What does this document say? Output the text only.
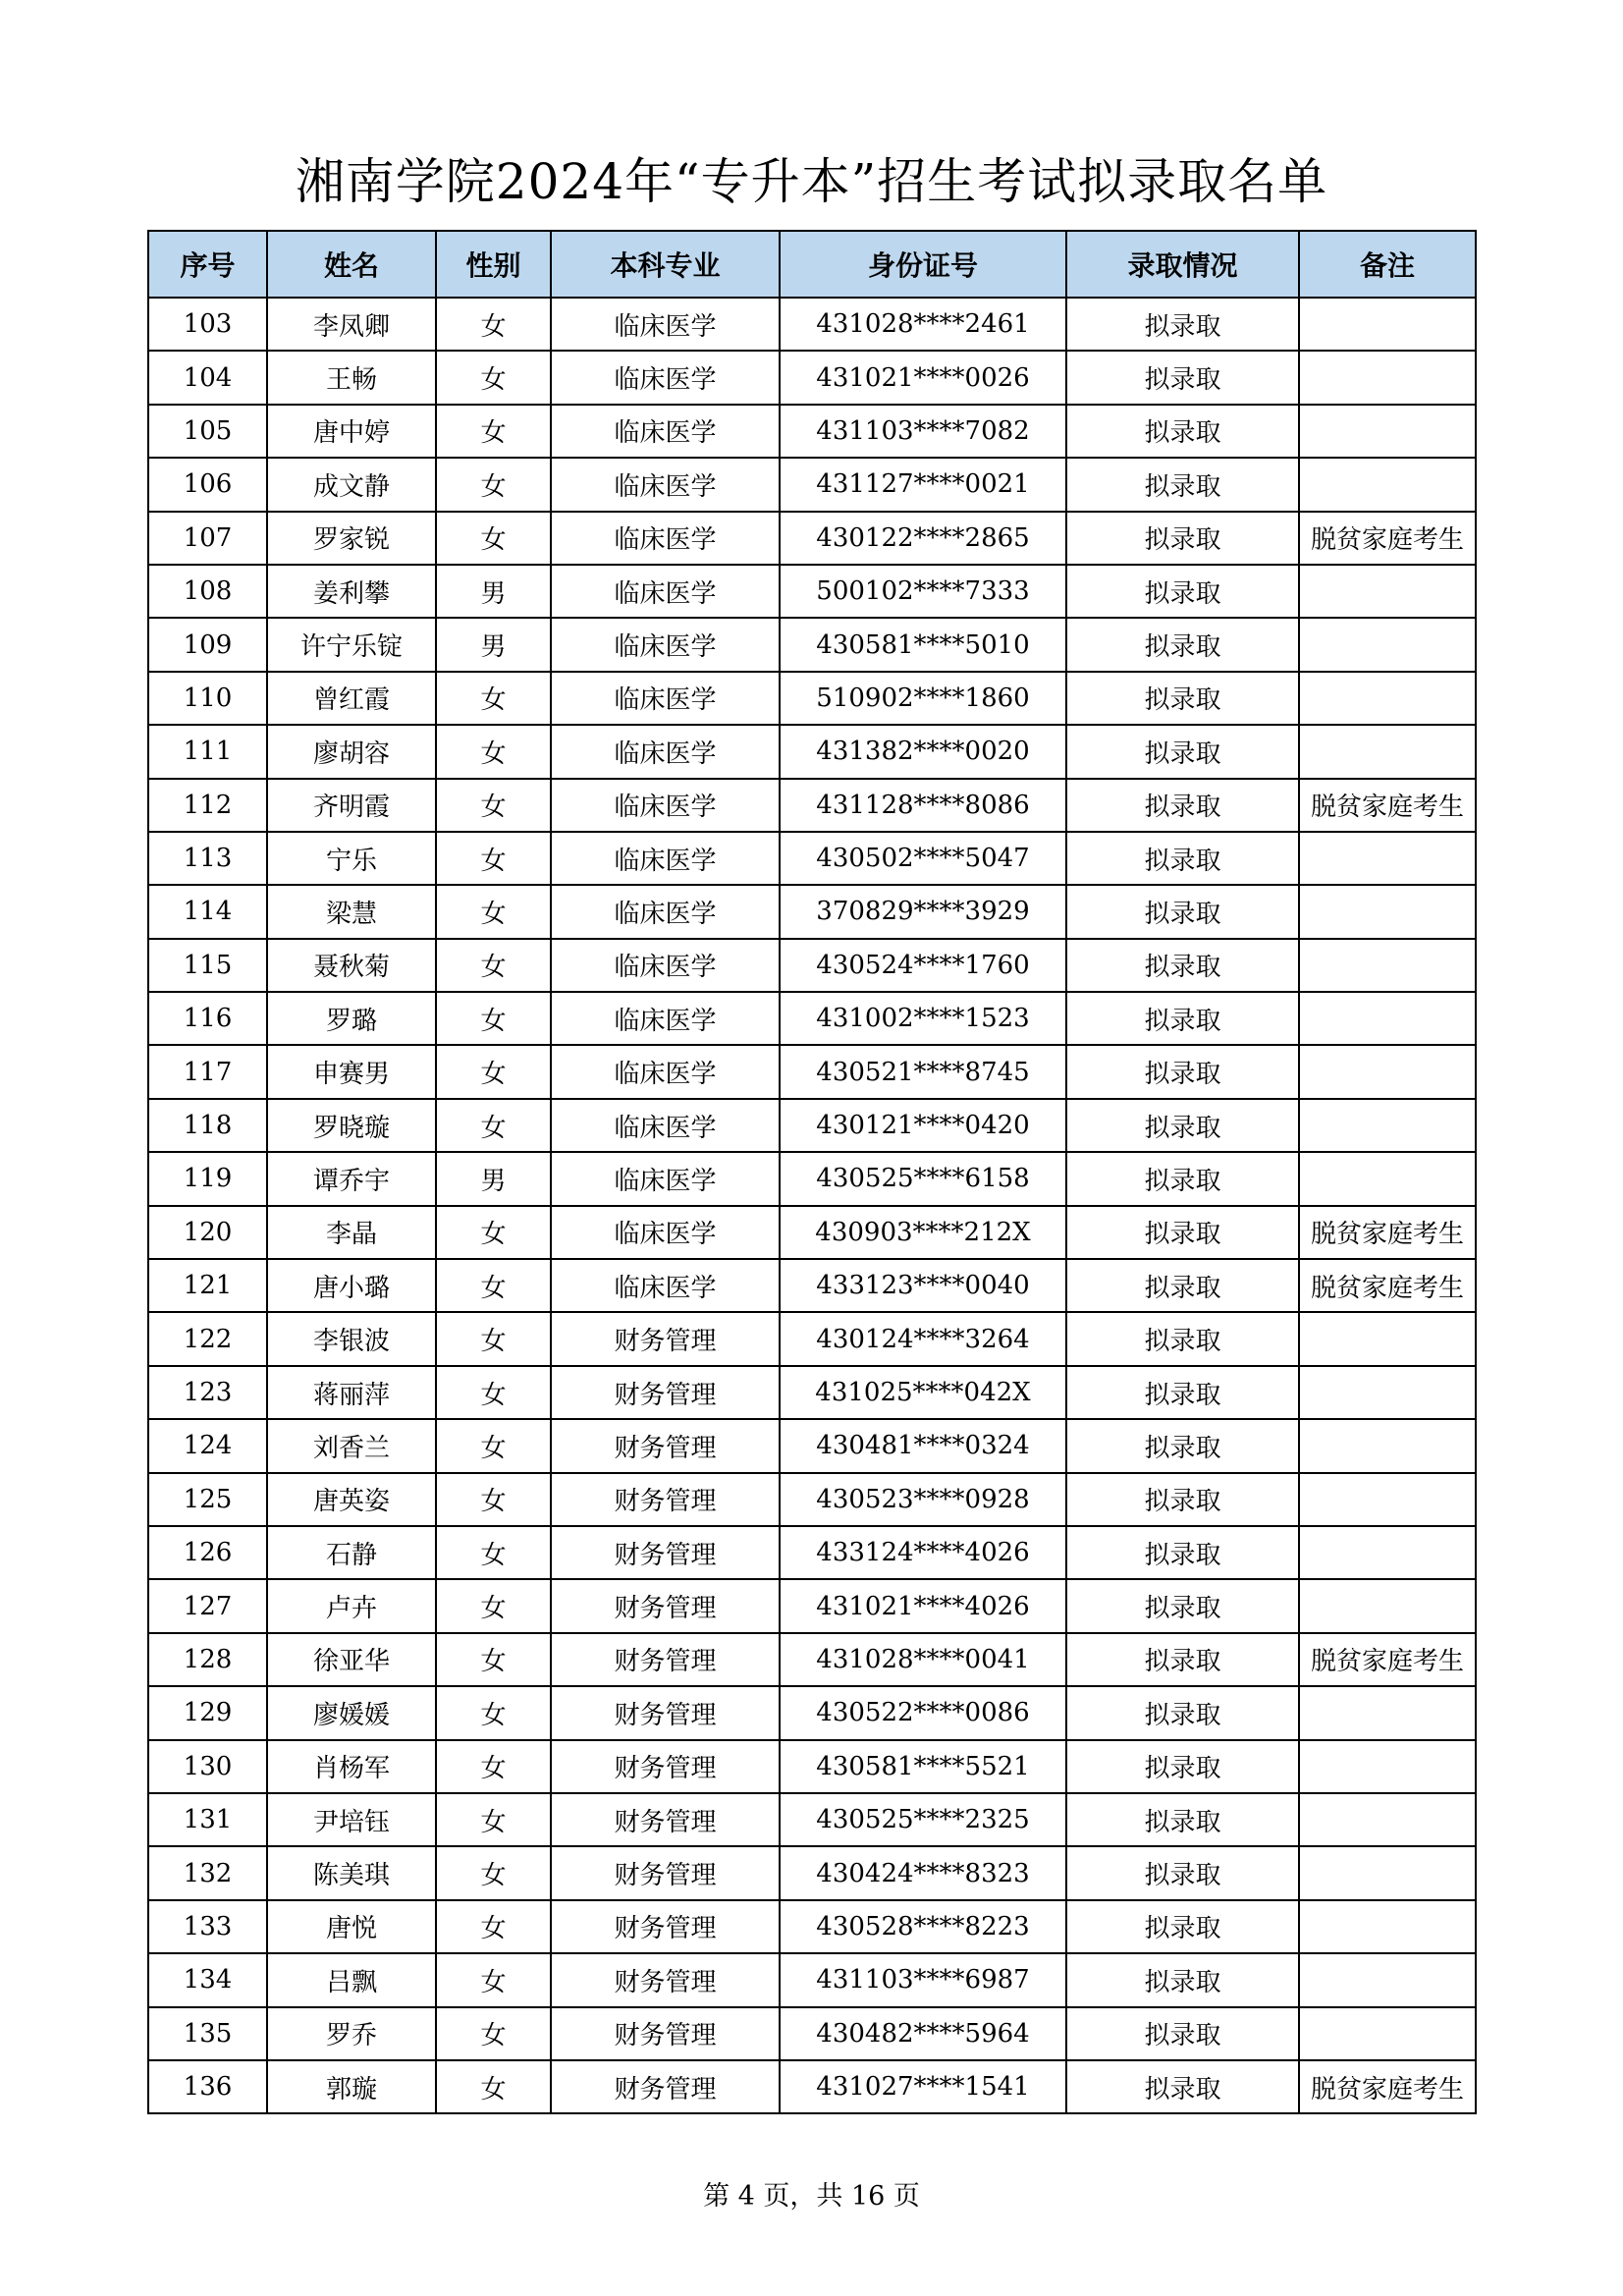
湘南学院2024年“专升本”招生考试拟录取名单
序号	姓名	性别	本科专业	身份证号	录取情况	备注
103	李凤卿	女	临床医学	431028****2461	拟录取	
104	王畅	女	临床医学	431021****0026	拟录取	
105	唐中婷	女	临床医学	431103****7082	拟录取	
106	成文静	女	临床医学	431127****0021	拟录取	
107	罗家锐	女	临床医学	430122****2865	拟录取	脱贫家庭考生
108	姜利攀	男	临床医学	500102****7333	拟录取	
109	许宁乐锭	男	临床医学	430581****5010	拟录取	
110	曾红霞	女	临床医学	510902****1860	拟录取	
111	廖胡容	女	临床医学	431382****0020	拟录取	
112	齐明霞	女	临床医学	431128****8086	拟录取	脱贫家庭考生
113	宁乐	女	临床医学	430502****5047	拟录取	
114	梁慧	女	临床医学	370829****3929	拟录取	
115	聂秋菊	女	临床医学	430524****1760	拟录取	
116	罗璐	女	临床医学	431002****1523	拟录取	
117	申赛男	女	临床医学	430521****8745	拟录取	
118	罗晓璇	女	临床医学	430121****0420	拟录取	
119	谭乔宇	男	临床医学	430525****6158	拟录取	
120	李晶	女	临床医学	430903****212X	拟录取	脱贫家庭考生
121	唐小璐	女	临床医学	433123****0040	拟录取	脱贫家庭考生
122	李银波	女	财务管理	430124****3264	拟录取	
123	蒋丽萍	女	财务管理	431025****042X	拟录取	
124	刘香兰	女	财务管理	430481****0324	拟录取	
125	唐英姿	女	财务管理	430523****0928	拟录取	
126	石静	女	财务管理	433124****4026	拟录取	
127	卢卉	女	财务管理	431021****4026	拟录取	
128	徐亚华	女	财务管理	431028****0041	拟录取	脱贫家庭考生
129	廖媛媛	女	财务管理	430522****0086	拟录取	
130	肖杨军	女	财务管理	430581****5521	拟录取	
131	尹培钰	女	财务管理	430525****2325	拟录取	
132	陈美琪	女	财务管理	430424****8323	拟录取	
133	唐悦	女	财务管理	430528****8223	拟录取	
134	吕飘	女	财务管理	431103****6987	拟录取	
135	罗乔	女	财务管理	430482****5964	拟录取	
136	郭璇	女	财务管理	431027****1541	拟录取	脱贫家庭考生
第 4 页，共 16 页
